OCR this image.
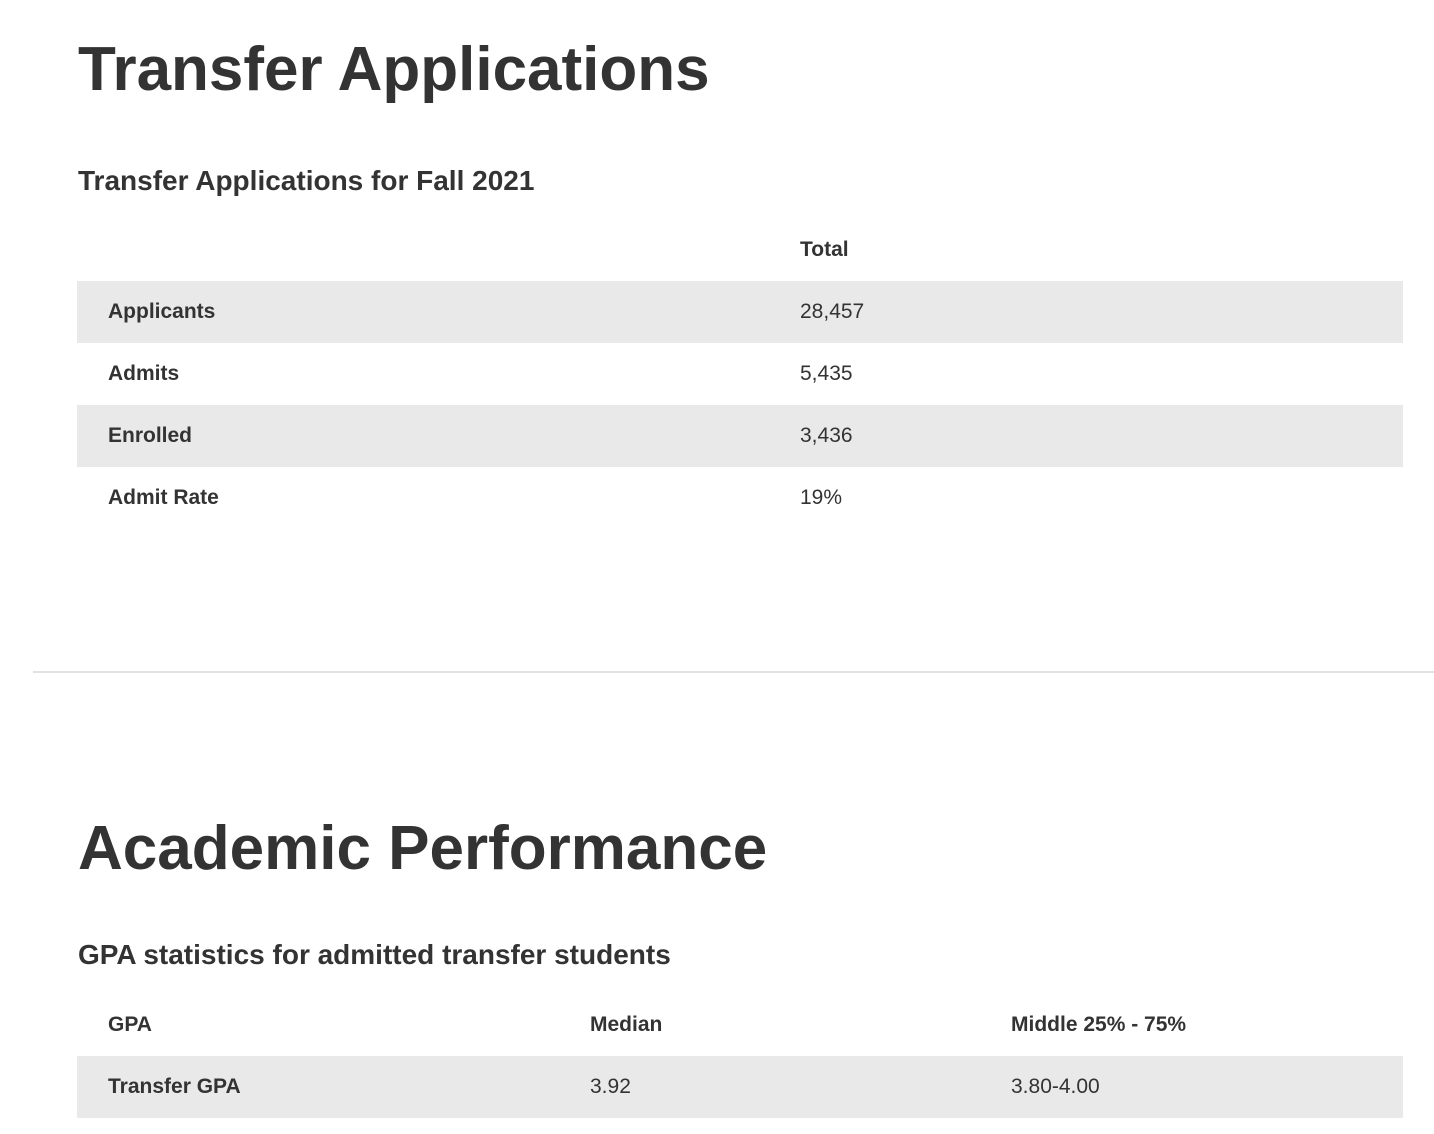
Transfer Applications
Transfer Applications for Fall 2021
	Total
Applicants	28,457
Admits	5,435
Enrolled	3,436
Admit Rate	19%
Academic Performance
GPA statistics for admitted transfer students
GPA	Median	Middle 25% - 75%
Transfer GPA	3.92	3.80-4.00
